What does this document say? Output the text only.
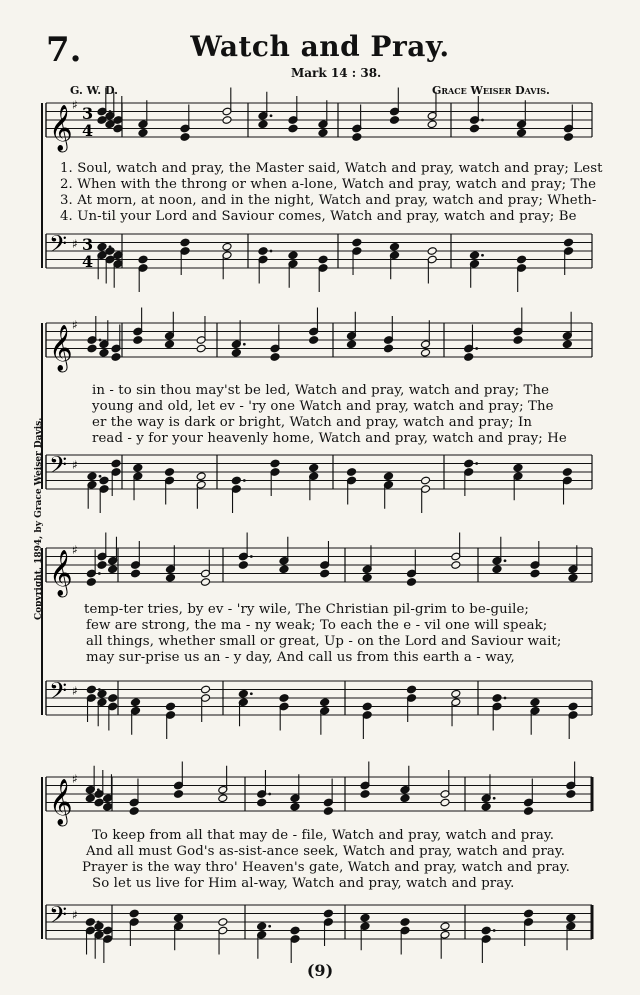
7.	Watch and Pray.
Mark 14 : 38.
G. W. D.	Grace Weiser Davis.
Copyright, 1894, by Grace Weiser Davis.
𝄞 ♯ 3
4
𝄢 ♯ 3
4
𝄞 ♯
𝄢 ♯
𝄞 ♯
𝄢 ♯
𝄞 ♯
𝄢 ♯
1. Soul, watch and pray, the Master said, Watch and pray, watch and pray; Lest
2. When with the throng or when a-lone, Watch and pray, watch and pray; The
3. At morn, at noon, and in the night, Watch and pray, watch and pray; Wheth-
4. Un-til your Lord and Saviour comes, Watch and pray, watch and pray; Be
in - to sin thou may'st be led, Watch and pray, watch and pray; The
young and old, let ev - 'ry one Watch and pray, watch and pray; The
er the way is dark or bright, Watch and pray, watch and pray; In
read - y for your heavenly home, Watch and pray, watch and pray; He
temp-ter tries, by ev - 'ry wile, The Christian pil-grim to be-guile;
few are strong, the ma - ny weak; To each the e - vil one will speak;
all things, whether small or great, Up - on the Lord and Saviour wait;
may sur-prise us an - y day, And call us from this earth a - way,
To keep from all that may de - file, Watch and pray, watch and pray.
And all must God's as-sist-ance seek, Watch and pray, watch and pray.
Prayer is the way thro' Heaven's gate, Watch and pray, watch and pray.
So let us live for Him al-way, Watch and pray, watch and pray.
(9)
